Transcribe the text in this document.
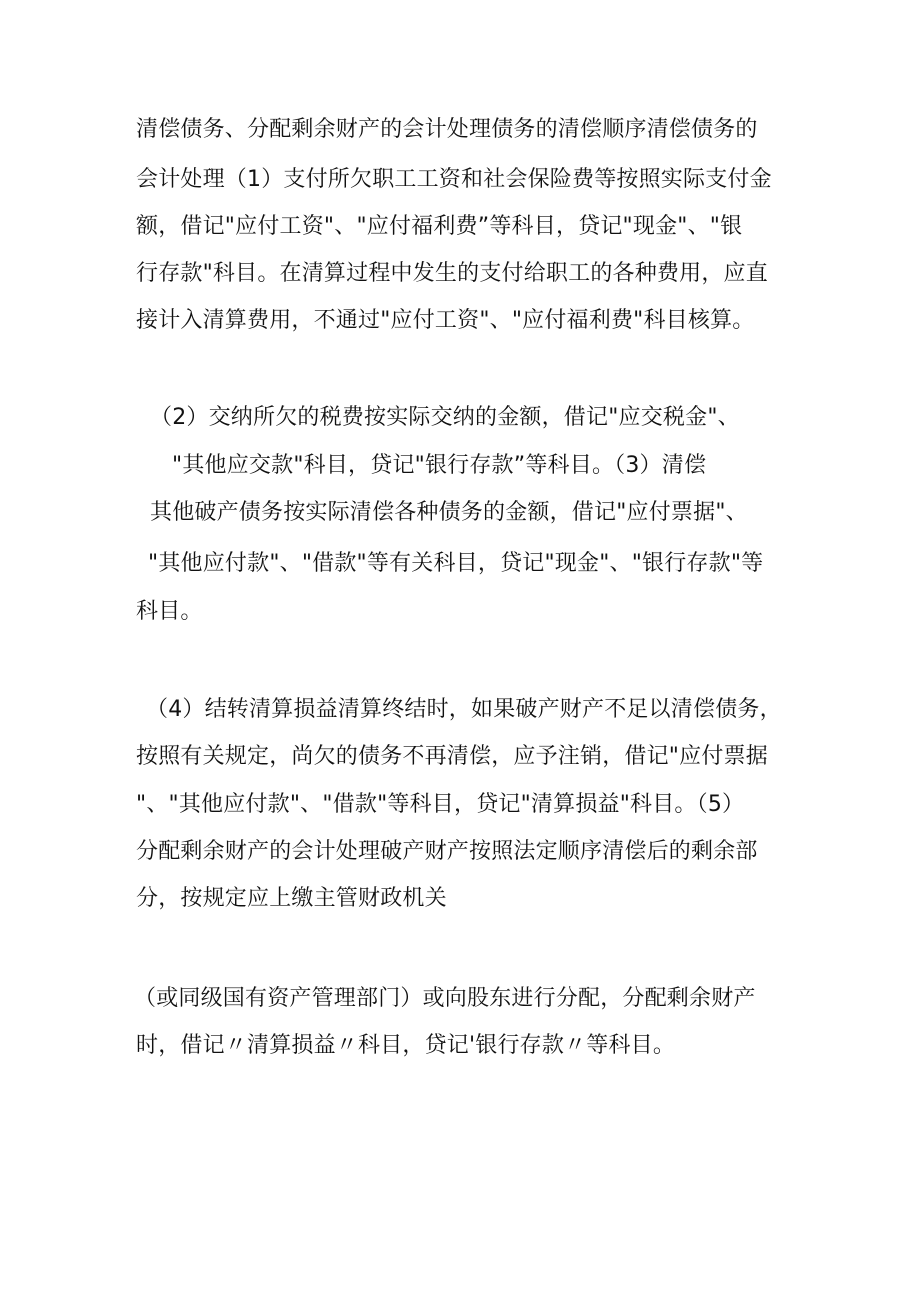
清偿债务、分配剩余财产的会计处理债务的清偿顺序清偿债务的
会计处理（1）支付所欠职工工资和社会保险费等按照实际支付金
额，借记"应付工资"、"应付福利费”等科目，贷记"现金"、"银
行存款"科目。在清算过程中发生的支付给职工的各种费用，应直
接计入清算费用，不通过"应付工资"、"应付福利费"科目核算。
（2）交纳所欠的税费按实际交纳的金额，借记"应交税金"、
"其他应交款"科目，贷记"银行存款”等科目。（3）清偿
其他破产债务按实际清偿各种债务的金额，借记"应付票据"、
"其他应付款"、"借款"等有关科目，贷记"现金"、"银行存款"等
科目。
（4）结转清算损益清算终结时，如果破产财产不足以清偿债务，
按照有关规定，尚欠的债务不再清偿，应予注销，借记"应付票据
"、"其他应付款"、"借款"等科目，贷记"清算损益"科目。（5）
分配剩余财产的会计处理破产财产按照法定顺序清偿后的剩余部
分，按规定应上缴主管财政机关
（或同级国有资产管理部门）或向股东进行分配，分配剩余财产
时，借记〃清算损益〃科目，贷记'银行存款〃等科目。
